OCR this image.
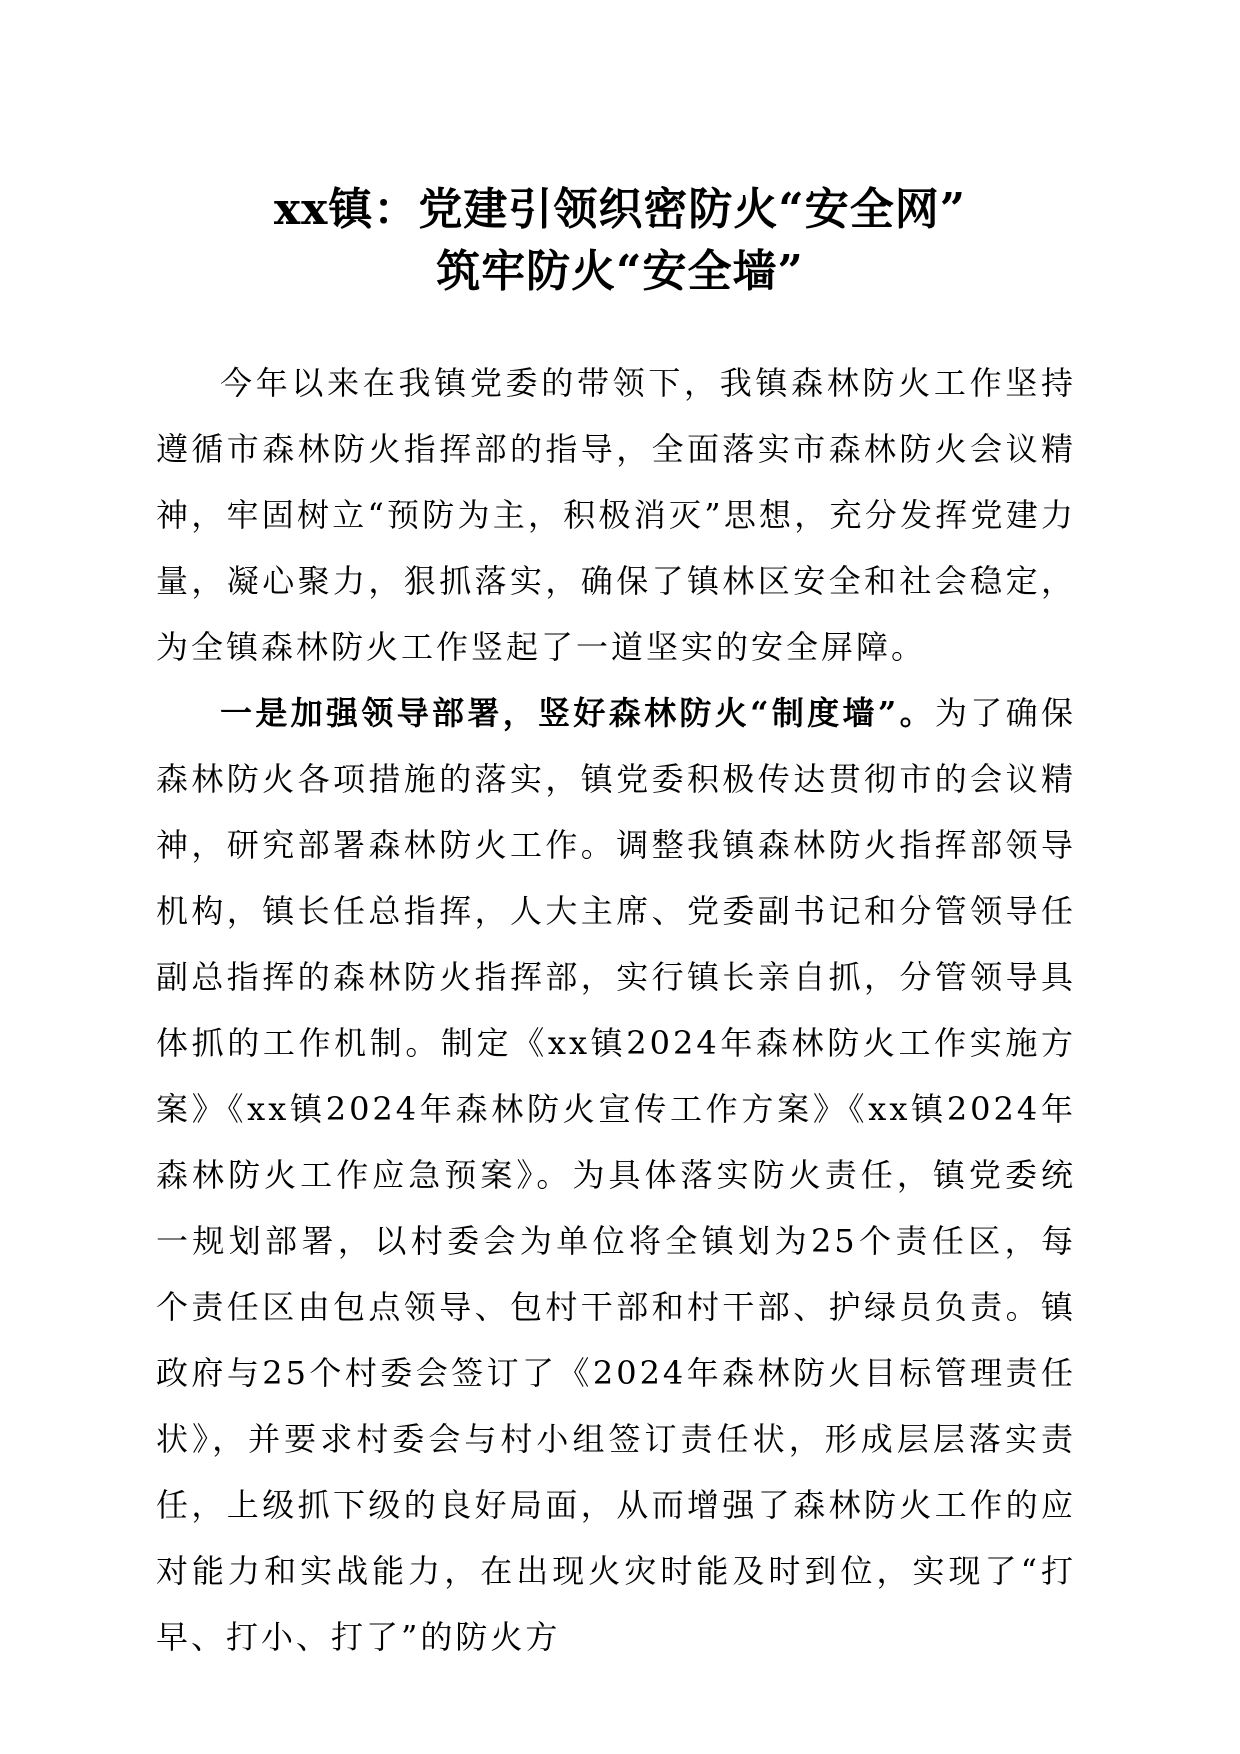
xx镇：党建引领织密防火“安全网”
筑牢防火“安全墙”

今年以来在我镇党委的带领下，我镇森林防火工作坚持遵循市森林防火指挥部的指导，全面落实市森林防火会议精神，牢固树立“预防为主，积极消灭”思想，充分发挥党建力量，凝心聚力，狠抓落实，确保了镇林区安全和社会稳定，为全镇森林防火工作竖起了一道坚实的安全屏障。

一是加强领导部署，竖好森林防火“制度墙”。为了确保森林防火各项措施的落实，镇党委积极传达贯彻市的会议精神，研究部署森林防火工作。调整我镇森林防火指挥部领导机构，镇长任总指挥，人大主席、党委副书记和分管领导任副总指挥的森林防火指挥部，实行镇长亲自抓，分管领导具体抓的工作机制。制定《xx镇2024年森林防火工作实施方案》《xx镇2024年森林防火宣传工作方案》《xx镇2024年森林防火工作应急预案》。为具体落实防火责任，镇党委统一规划部署，以村委会为单位将全镇划为25个责任区，每个责任区由包点领导、包村干部和村干部、护绿员负责。镇政府与25个村委会签订了《2024年森林防火目标管理责任状》，并要求村委会与村小组签订责任状，形成层层落实责任，上级抓下级的良好局面，从而增强了森林防火工作的应对能力和实战能力，在出现火灾时能及时到位，实现了“打早、打小、打了”的防火方
